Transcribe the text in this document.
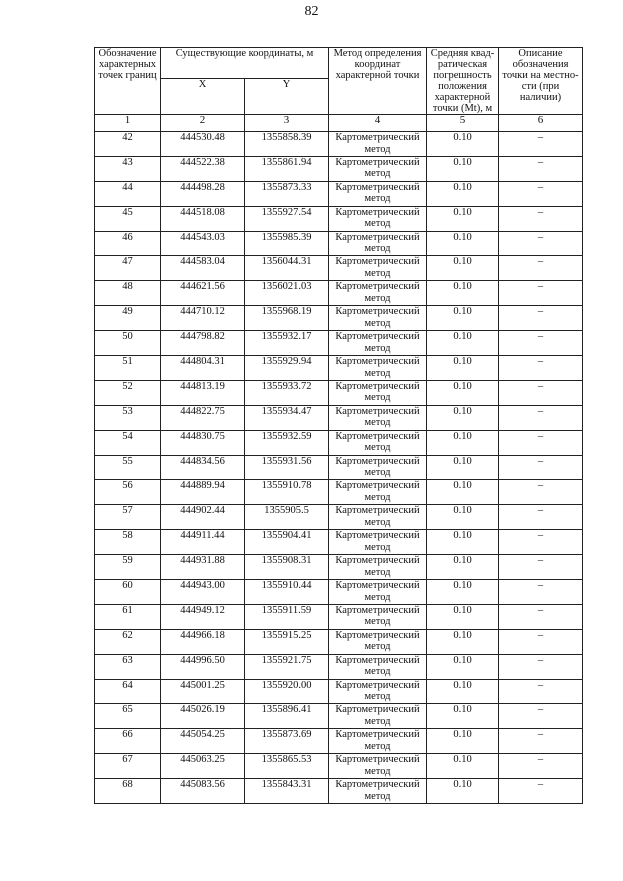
82
Обозначение характерных точек границ	Существующие координаты, м		Метод определения координат характерной точки	Средняя квад-ратическая погрешность положения характерной точки (Mt), м	Описание обозначения точки на местно-сти (при наличии)
	X	Y			
1	2	3	4	5	6
42	444530.48	1355858.39	Картометрический метод	0.10	–
43	444522.38	1355861.94	Картометрический метод	0.10	–
44	444498.28	1355873.33	Картометрический метод	0.10	–
45	444518.08	1355927.54	Картометрический метод	0.10	–
46	444543.03	1355985.39	Картометрический метод	0.10	–
47	444583.04	1356044.31	Картометрический метод	0.10	–
48	444621.56	1356021.03	Картометрический метод	0.10	–
49	444710.12	1355968.19	Картометрический метод	0.10	–
50	444798.82	1355932.17	Картометрический метод	0.10	–
51	444804.31	1355929.94	Картометрический метод	0.10	–
52	444813.19	1355933.72	Картометрический метод	0.10	–
53	444822.75	1355934.47	Картометрический метод	0.10	–
54	444830.75	1355932.59	Картометрический метод	0.10	–
55	444834.56	1355931.56	Картометрический метод	0.10	–
56	444889.94	1355910.78	Картометрический метод	0.10	–
57	444902.44	1355905.5	Картометрический метод	0.10	–
58	444911.44	1355904.41	Картометрический метод	0.10	–
59	444931.88	1355908.31	Картометрический метод	0.10	–
60	444943.00	1355910.44	Картометрический метод	0.10	–
61	444949.12	1355911.59	Картометрический метод	0.10	–
62	444966.18	1355915.25	Картометрический метод	0.10	–
63	444996.50	1355921.75	Картометрический метод	0.10	–
64	445001.25	1355920.00	Картометрический метод	0.10	–
65	445026.19	1355896.41	Картометрический метод	0.10	–
66	445054.25	1355873.69	Картометрический метод	0.10	–
67	445063.25	1355865.53	Картометрический метод	0.10	–
68	445083.56	1355843.31	Картометрический метод	0.10	–
